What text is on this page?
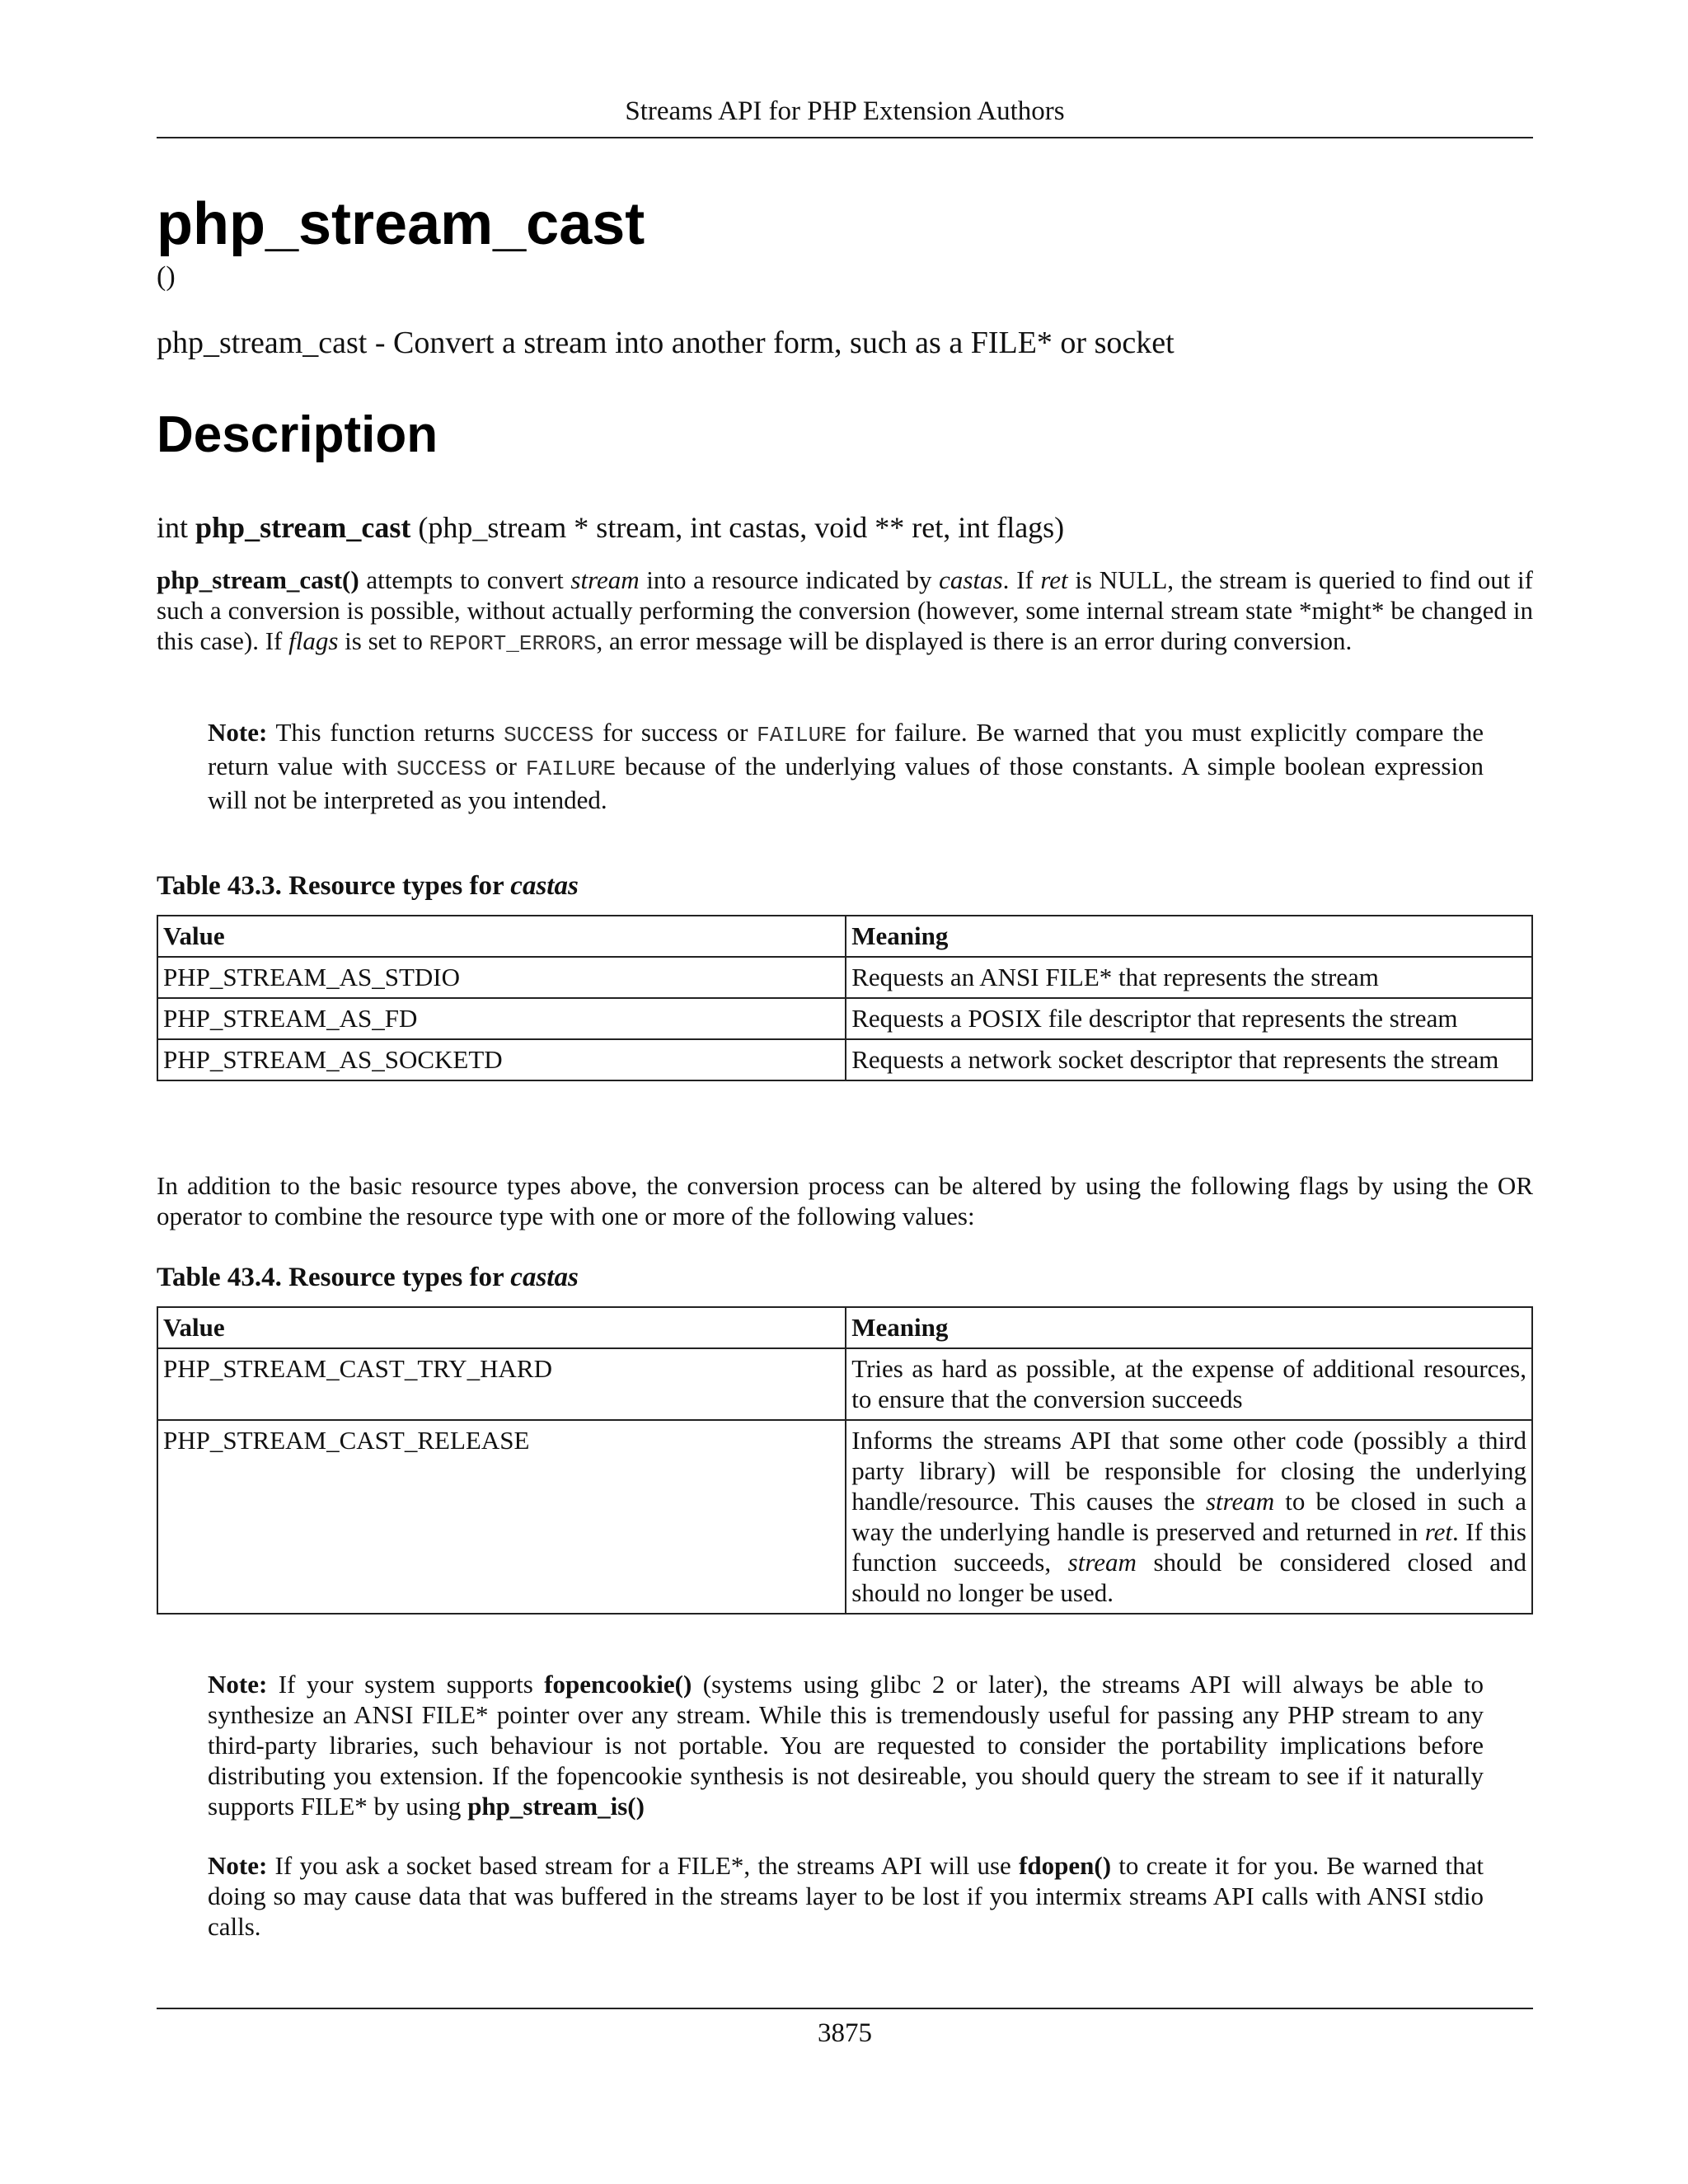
Streams API for PHP Extension Authors
php_stream_cast
()
php_stream_cast - Convert a stream into another form, such as a FILE* or socket
Description
int php_stream_cast (php_stream * stream, int castas, void ** ret, int flags)

php_stream_cast() attempts to convert stream into a resource indicated by castas. If ret is NULL, the stream is queried to find out if such a conversion is possible, without actually performing the conversion (however, some internal stream state *might* be changed in this case). If flags is set to REPORT_ERRORS, an error message will be displayed is there is an error during conversion.

Note: This function returns SUCCESS for success or FAILURE for failure. Be warned that you must explicitly compare the return value with SUCCESS or FAILURE because of the underlying values of those constants. A simple boolean expression will not be interpreted as you intended.

Table 43.3. Resource types for castas
Value	Meaning
PHP_STREAM_AS_STDIO	Requests an ANSI FILE* that represents the stream
PHP_STREAM_AS_FD	Requests a POSIX file descriptor that represents the stream
PHP_STREAM_AS_SOCKETD	Requests a network socket descriptor that represents the stream

In addition to the basic resource types above, the conversion process can be altered by using the following flags by using the OR operator to combine the resource type with one or more of the following values:

Table 43.4. Resource types for castas
Value	Meaning
PHP_STREAM_CAST_TRY_HARD	Tries as hard as possible, at the expense of additional resources, to ensure that the conversion succeeds
PHP_STREAM_CAST_RELEASE	Informs the streams API that some other code (possibly a third party library) will be responsible for closing the underlying handle/resource. This causes the stream to be closed in such a way the underlying handle is preserved and returned in ret. If this function succeeds, stream should be considered closed and should no longer be used.

Note: If your system supports fopencookie() (systems using glibc 2 or later), the streams API will always be able to synthesize an ANSI FILE* pointer over any stream. While this is tremendously useful for passing any PHP stream to any third-party libraries, such behaviour is not portable. You are requested to consider the portability implications before distributing you extension. If the fopencookie synthesis is not desireable, you should query the stream to see if it naturally supports FILE* by using php_stream_is()

Note: If you ask a socket based stream for a FILE*, the streams API will use fdopen() to create it for you. Be warned that doing so may cause data that was buffered in the streams layer to be lost if you intermix streams API calls with ANSI stdio calls.

3875
